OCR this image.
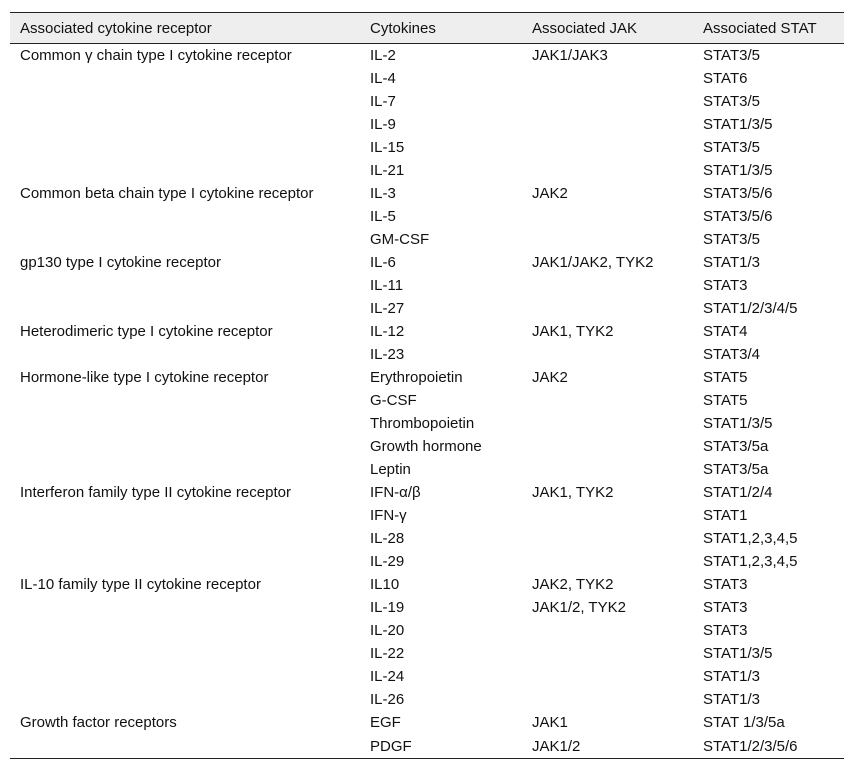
Associated cytokine receptor	Cytokines	Associated JAK	Associated STAT
Common γ chain type I cytokine receptor	IL-2	JAK1/JAK3	STAT3/5
	IL-4		STAT6
	IL-7		STAT3/5
	IL-9		STAT1/3/5
	IL-15		STAT3/5
	IL-21		STAT1/3/5
Common beta chain type I cytokine receptor	IL-3	JAK2	STAT3/5/6
	IL-5		STAT3/5/6
	GM-CSF		STAT3/5
gp130 type I cytokine receptor	IL-6	JAK1/JAK2, TYK2	STAT1/3
	IL-11		STAT3
	IL-27		STAT1/2/3/4/5
Heterodimeric type I cytokine receptor	IL-12	JAK1, TYK2	STAT4
	IL-23		STAT3/4
Hormone-like type I cytokine receptor	Erythropoietin	JAK2	STAT5
	G-CSF		STAT5
	Thrombopoietin		STAT1/3/5
	Growth hormone		STAT3/5a
	Leptin		STAT3/5a
Interferon family type II cytokine receptor	IFN-α/β	JAK1, TYK2	STAT1/2/4
	IFN-γ		STAT1
	IL-28		STAT1,2,3,4,5
	IL-29		STAT1,2,3,4,5
IL-10 family type II cytokine receptor	IL10	JAK2, TYK2	STAT3
	IL-19	JAK1/2, TYK2	STAT3
	IL-20		STAT3
	IL-22		STAT1/3/5
	IL-24		STAT1/3
	IL-26		STAT1/3
Growth factor receptors	EGF	JAK1	STAT 1/3/5a
	PDGF	JAK1/2	STAT1/2/3/5/6
